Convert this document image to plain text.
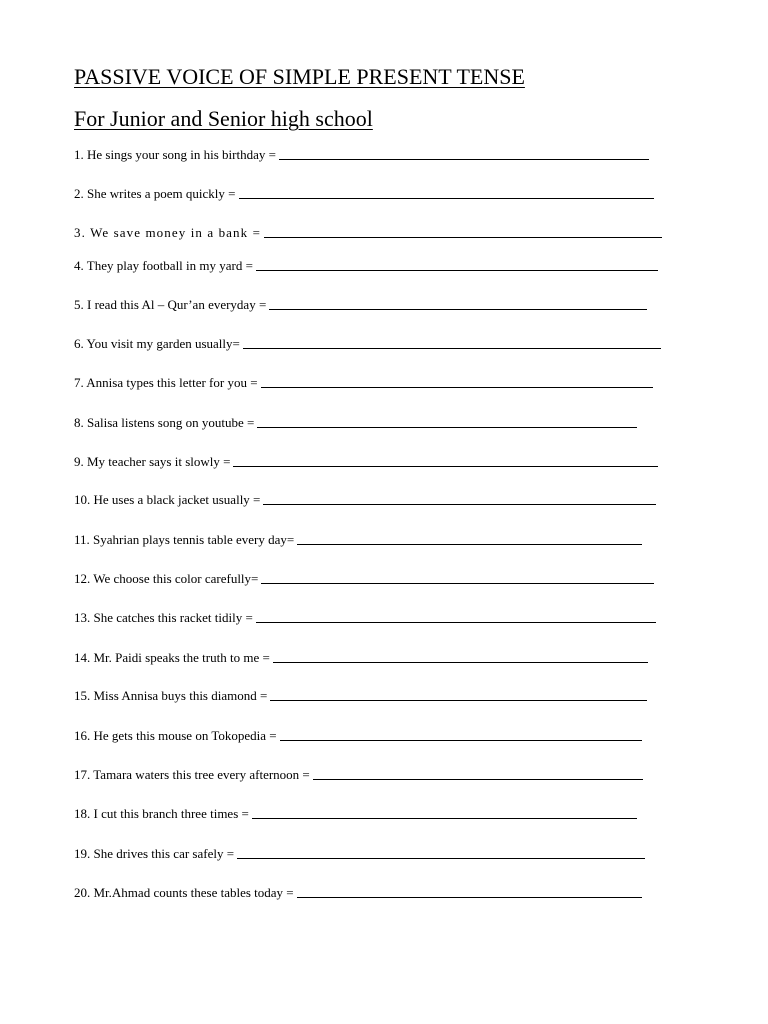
PASSIVE VOICE OF SIMPLE PRESENT TENSE
For Junior and Senior high school
1. He sings your song in his birthday =
2. She writes a poem quickly =
3. We save money in a bank =
4. They play football in my yard =
5. I read this Al – Qur’an everyday =
6. You visit my garden usually=
7. Annisa types this letter for you =
8. Salisa listens song on youtube =
9. My teacher says it slowly =
10. He uses a black jacket usually =
11. Syahrian plays tennis table every day=
12. We choose this color carefully=
13. She catches this racket tidily =
14. Mr. Paidi speaks the truth to me =
15. Miss Annisa buys this diamond =
16. He gets this mouse on Tokopedia =
17. Tamara waters this tree every afternoon =
18. I cut this branch three times =
19. She drives this car safely =
20. Mr.Ahmad counts these tables today =
